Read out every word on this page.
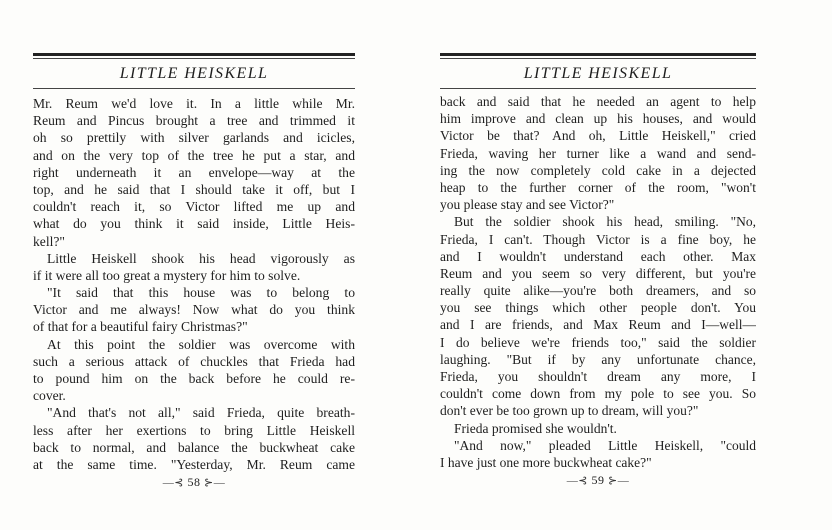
LITTLE HEISKELL
Mr. Reum we'd love it. In a little while Mr.
Reum and Pincus brought a tree and trimmed it
oh so prettily with silver garlands and icicles,
and on the very top of the tree he put a star, and
right underneath it an envelope—way at the
top, and he said that I should take it off, but I
couldn't reach it, so Victor lifted me up and
what do you think it said inside, Little Heis-
kell?"
Little Heiskell shook his head vigorously as
if it were all too great a mystery for him to solve.
"It said that this house was to belong to
Victor and me always! Now what do you think
of that for a beautiful fairy Christmas?"
At this point the soldier was overcome with
such a serious attack of chuckles that Frieda had
to pound him on the back before he could re-
cover.
"And that's not all," said Frieda, quite breath-
less after her exertions to bring Little Heiskell
back to normal, and balance the buckwheat cake
at the same time. "Yesterday, Mr. Reum came
—⊰ 58 ⊱—
LITTLE HEISKELL
back and said that he needed an agent to help
him improve and clean up his houses, and would
Victor be that? And oh, Little Heiskell," cried
Frieda, waving her turner like a wand and send-
ing the now completely cold cake in a dejected
heap to the further corner of the room, "won't
you please stay and see Victor?"
But the soldier shook his head, smiling. "No,
Frieda, I can't. Though Victor is a fine boy, he
and I wouldn't understand each other. Max
Reum and you seem so very different, but you're
really quite alike—you're both dreamers, and so
you see things which other people don't. You
and I are friends, and Max Reum and I—well—
I do believe we're friends too," said the soldier
laughing. "But if by any unfortunate chance,
Frieda, you shouldn't dream any more, I
couldn't come down from my pole to see you. So
don't ever be too grown up to dream, will you?"
Frieda promised she wouldn't.
"And now," pleaded Little Heiskell, "could
I have just one more buckwheat cake?"
—⊰ 59 ⊱—
